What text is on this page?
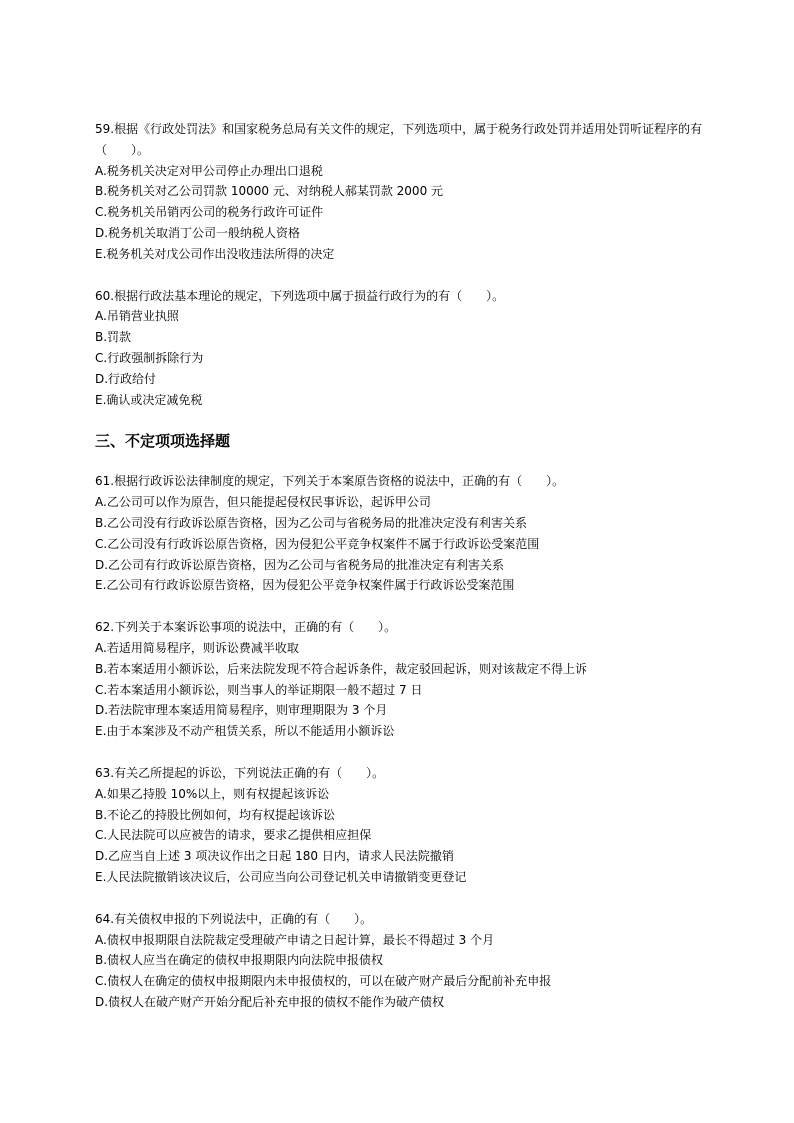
59.根据《行政处罚法》和国家税务总局有关文件的规定，下列选项中，属于税务行政处罚并适用处罚听证程序的有（　　）。
A.税务机关决定对甲公司停止办理出口退税
B.税务机关对乙公司罚款 10000 元、对纳税人郝某罚款 2000 元
C.税务机关吊销丙公司的税务行政许可证件
D.税务机关取消丁公司一般纳税人资格
E.税务机关对戊公司作出没收违法所得的决定
60.根据行政法基本理论的规定，下列选项中属于损益行政行为的有（　　）。
A.吊销营业执照
B.罚款
C.行政强制拆除行为
D.行政给付
E.确认或决定减免税
三、不定项项选择题
61.根据行政诉讼法律制度的规定，下列关于本案原告资格的说法中，正确的有（　　）。
A.乙公司可以作为原告，但只能提起侵权民事诉讼，起诉甲公司
B.乙公司没有行政诉讼原告资格，因为乙公司与省税务局的批准决定没有利害关系
C.乙公司没有行政诉讼原告资格，因为侵犯公平竞争权案件不属于行政诉讼受案范围
D.乙公司有行政诉讼原告资格，因为乙公司与省税务局的批准决定有利害关系
E.乙公司有行政诉讼原告资格，因为侵犯公平竞争权案件属于行政诉讼受案范围
62.下列关于本案诉讼事项的说法中，正确的有（　　）。
A.若适用简易程序，则诉讼费减半收取
B.若本案适用小额诉讼，后来法院发现不符合起诉条件，裁定驳回起诉，则对该裁定不得上诉
C.若本案适用小额诉讼，则当事人的举证期限一般不超过 7 日
D.若法院审理本案适用简易程序，则审理期限为 3 个月
E.由于本案涉及不动产租赁关系，所以不能适用小额诉讼
63.有关乙所提起的诉讼，下列说法正确的有（　　）。
A.如果乙持股 10%以上，则有权提起该诉讼
B.不论乙的持股比例如何，均有权提起该诉讼
C.人民法院可以应被告的请求，要求乙提供相应担保
D.乙应当自上述 3 项决议作出之日起 180 日内，请求人民法院撤销
E.人民法院撤销该决议后，公司应当向公司登记机关申请撤销变更登记
64.有关债权申报的下列说法中，正确的有（　　）。
A.债权申报期限自法院裁定受理破产申请之日起计算，最长不得超过 3 个月
B.债权人应当在确定的债权申报期限内向法院申报债权
C.债权人在确定的债权申报期限内未申报债权的，可以在破产财产最后分配前补充申报
D.债权人在破产财产开始分配后补充申报的债权不能作为破产债权
